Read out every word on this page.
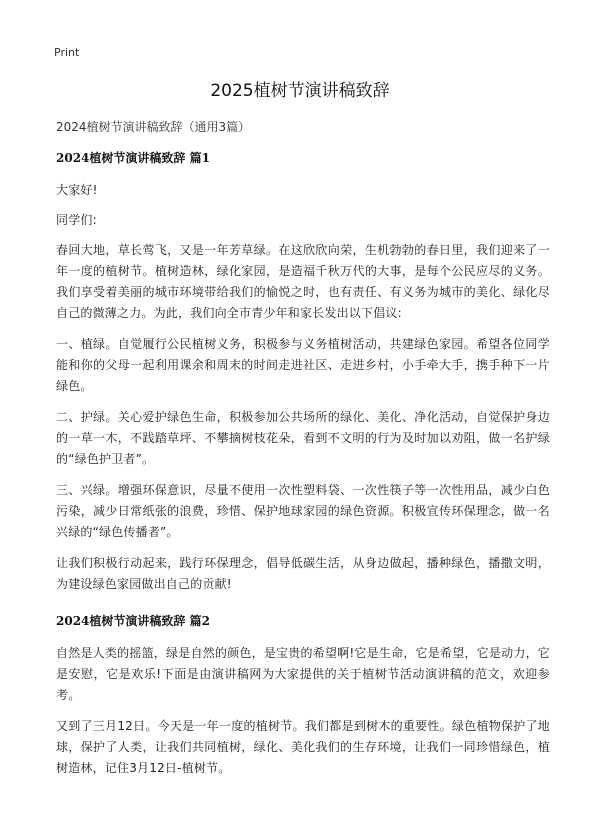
Print
2025植树节演讲稿致辞

2024植树节演讲稿致辞（通用3篇）

2024植树节演讲稿致辞 篇1

大家好!

同学们:

春回大地，草长莺飞，又是一年芳草绿。在这欣欣向荣，生机勃勃的春日里，我们迎来了一年一度的植树节。植树造林，绿化家园，是造福千秋万代的大事，是每个公民应尽的义务。我们享受着美丽的城市环境带给我们的愉悦之时，也有责任、有义务为城市的美化、绿化尽自己的微薄之力。为此，我们向全市青少年和家长发出以下倡议:

一、植绿。自觉履行公民植树义务，积极参与义务植树活动，共建绿色家园。希望各位同学能和你的父母一起利用课余和周末的时间走进社区、走进乡村，小手牵大手，携手种下一片绿色。

二、护绿。关心爱护绿色生命，积极参加公共场所的绿化、美化、净化活动，自觉保护身边的一草一木，不践踏草坪、不攀摘树枝花朵，看到不文明的行为及时加以劝阻，做一名护绿的“绿色护卫者”。

三、兴绿。增强环保意识，尽量不使用一次性塑料袋、一次性筷子等一次性用品，减少白色污染，减少日常纸张的浪费，珍惜、保护地球家园的绿色资源。积极宣传环保理念，做一名兴绿的“绿色传播者”。

让我们积极行动起来，践行环保理念，倡导低碳生活，从身边做起，播种绿色，播撒文明，为建设绿色家园做出自己的贡献!

2024植树节演讲稿致辞 篇2

自然是人类的摇篮，绿是自然的颜色，是宝贵的希望啊!它是生命，它是希望，它是动力，它是安慰，它是欢乐!下面是由演讲稿网为大家提供的关于植树节活动演讲稿的范文，欢迎参考。

又到了三月12日。今天是一年一度的植树节。我们都是到树木的重要性。绿色植物保护了地球，保护了人类，让我们共同植树，绿化、美化我们的生存环境，让我们一同珍惜绿色，植树造林，记住3月12日-植树节。
